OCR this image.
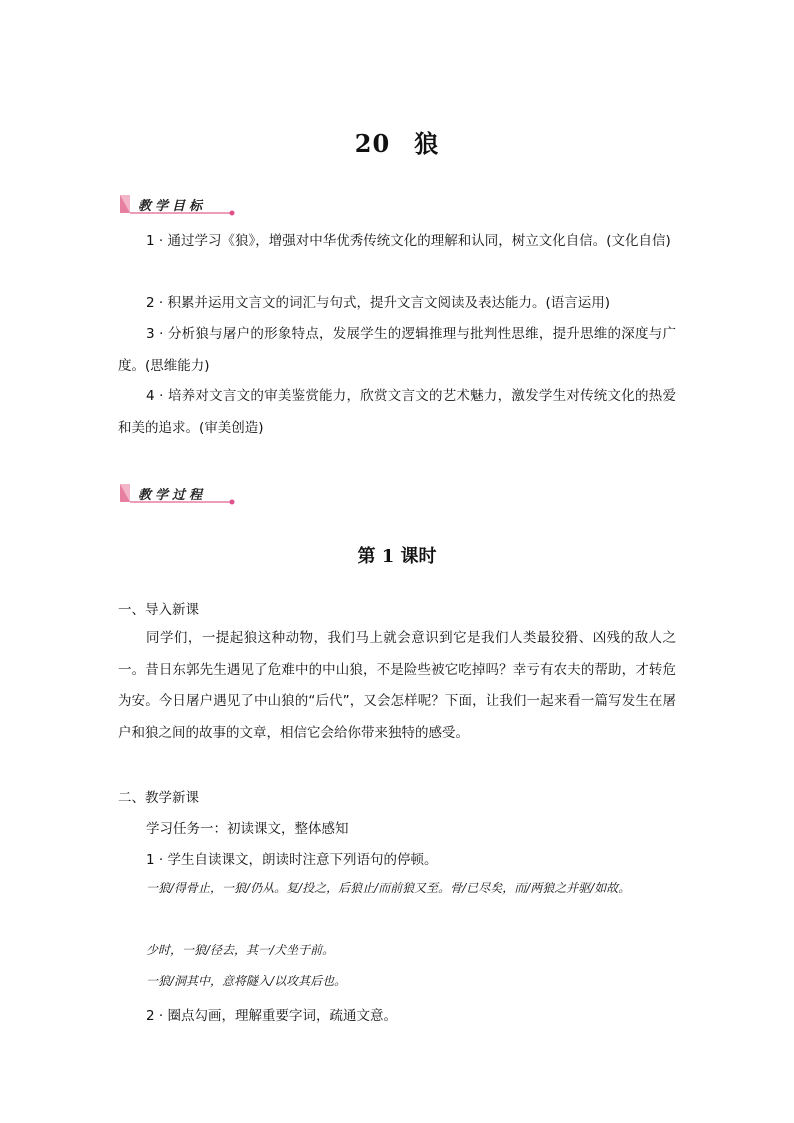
20 狼
教学目标
1 · 通过学习《狼》，增强对中华优秀传统文化的理解和认同，树立文化自信。(文化自信)
2 · 积累并运用文言文的词汇与句式，提升文言文阅读及表达能力。(语言运用)
3 · 分析狼与屠户的形象特点，发展学生的逻辑推理与批判性思维，提升思维的深度与广度。(思维能力)
4 · 培养对文言文的审美鉴赏能力，欣赏文言文的艺术魅力，激发学生对传统文化的热爱和美的追求。(审美创造)
教学过程
第 1 课时
一、导入新课
同学们，一提起狼这种动物，我们马上就会意识到它是我们人类最狡猾、凶残的敌人之一。昔日东郭先生遇见了危难中的中山狼，不是险些被它吃掉吗？幸亏有农夫的帮助，才转危为安。今日屠户遇见了中山狼的“后代”，又会怎样呢？下面，让我们一起来看一篇写发生在屠户和狼之间的故事的文章，相信它会给你带来独特的感受。
二、教学新课
学习任务一：初读课文，整体感知
1 · 学生自读课文，朗读时注意下列语句的停顿。
一狼/得骨止，一狼/仍从。复/投之，后狼止/而前狼又至。骨/已尽矣，而/两狼之并驱/如故。
少时，一狼/径去，其一/犬坐于前。
一狼/洞其中，意将隧入/以攻其后也。
2 · 圈点勾画，理解重要字词，疏通文意。
